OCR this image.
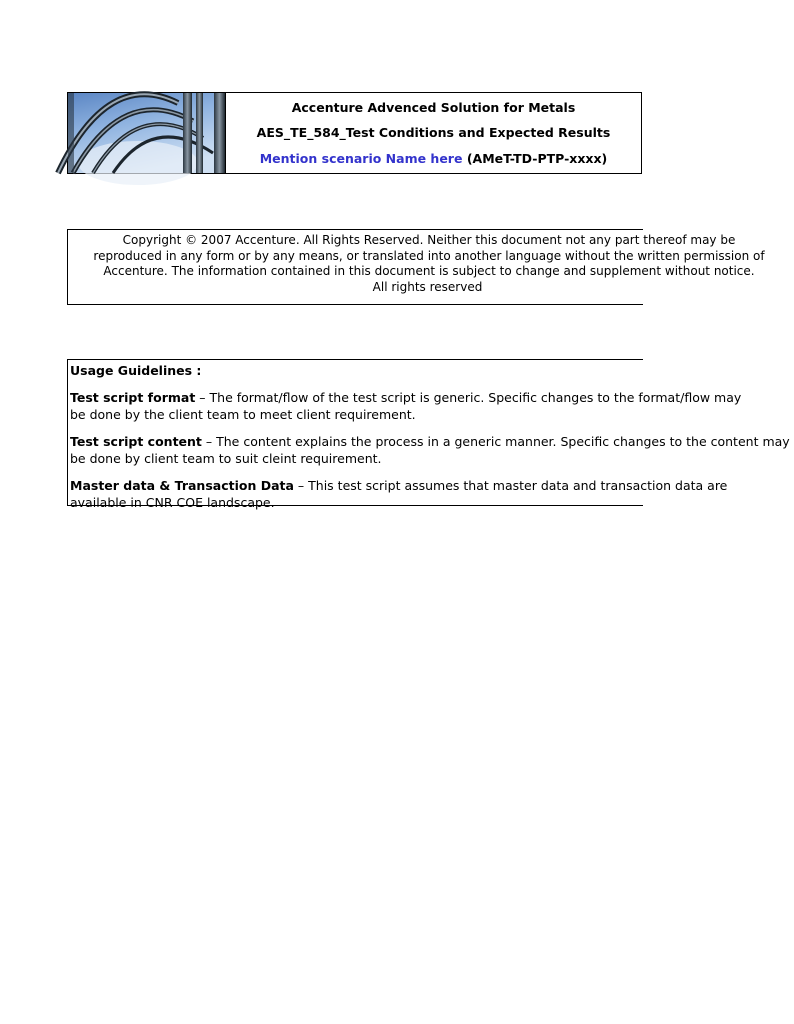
Accenture Advenced Solution for Metals
AES_TE_584_Test Conditions and Expected Results
Mention scenario Name here (AMeT-TD-PTP-xxxx)
Copyright © 2007 Accenture. All Rights Reserved. Neither this document not any part thereof may be
reproduced in any form or by any means, or translated into another language without the written permission of
Accenture. The information contained in this document is subject to change and supplement without notice.
All rights reserved
Usage Guidelines :
Test script format – The format/flow of the test script is generic. Specific changes to the format/flow may
be done by the client team to meet client requirement.
Test script content – The content explains the process in a generic manner. Specific changes to the content may
be done by client team to suit cleint requirement.
Master data & Transaction Data – This test script assumes that master data and transaction data are
available in CNR COE landscape.
